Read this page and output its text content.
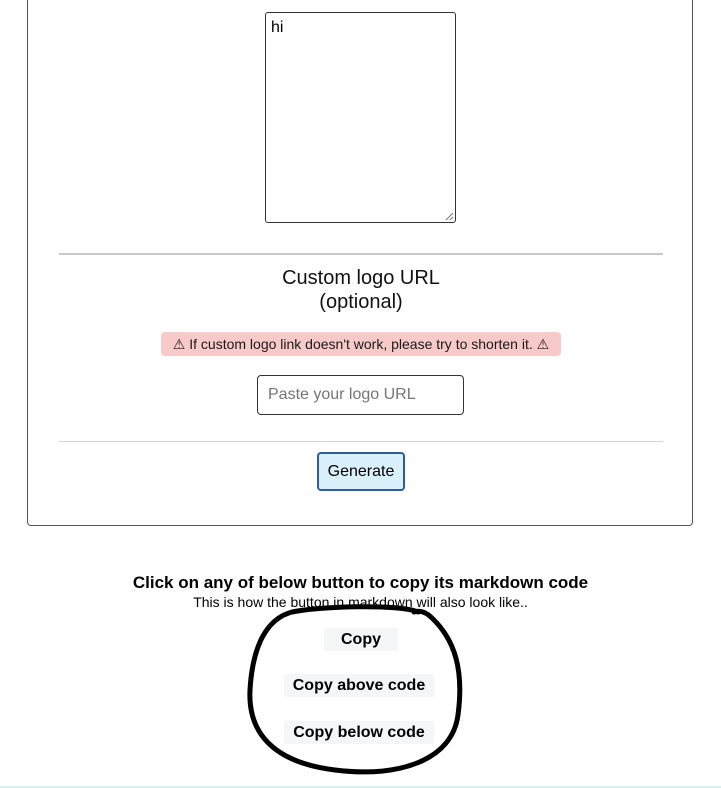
hi
Custom logo URL
(optional)
⚠ If custom logo link doesn't work, please try to shorten it. ⚠
Paste your logo URL
Generate
Click on any of below button to copy its markdown code
This is how the button in markdown will also look like..
Copy
Copy above code
Copy below code
